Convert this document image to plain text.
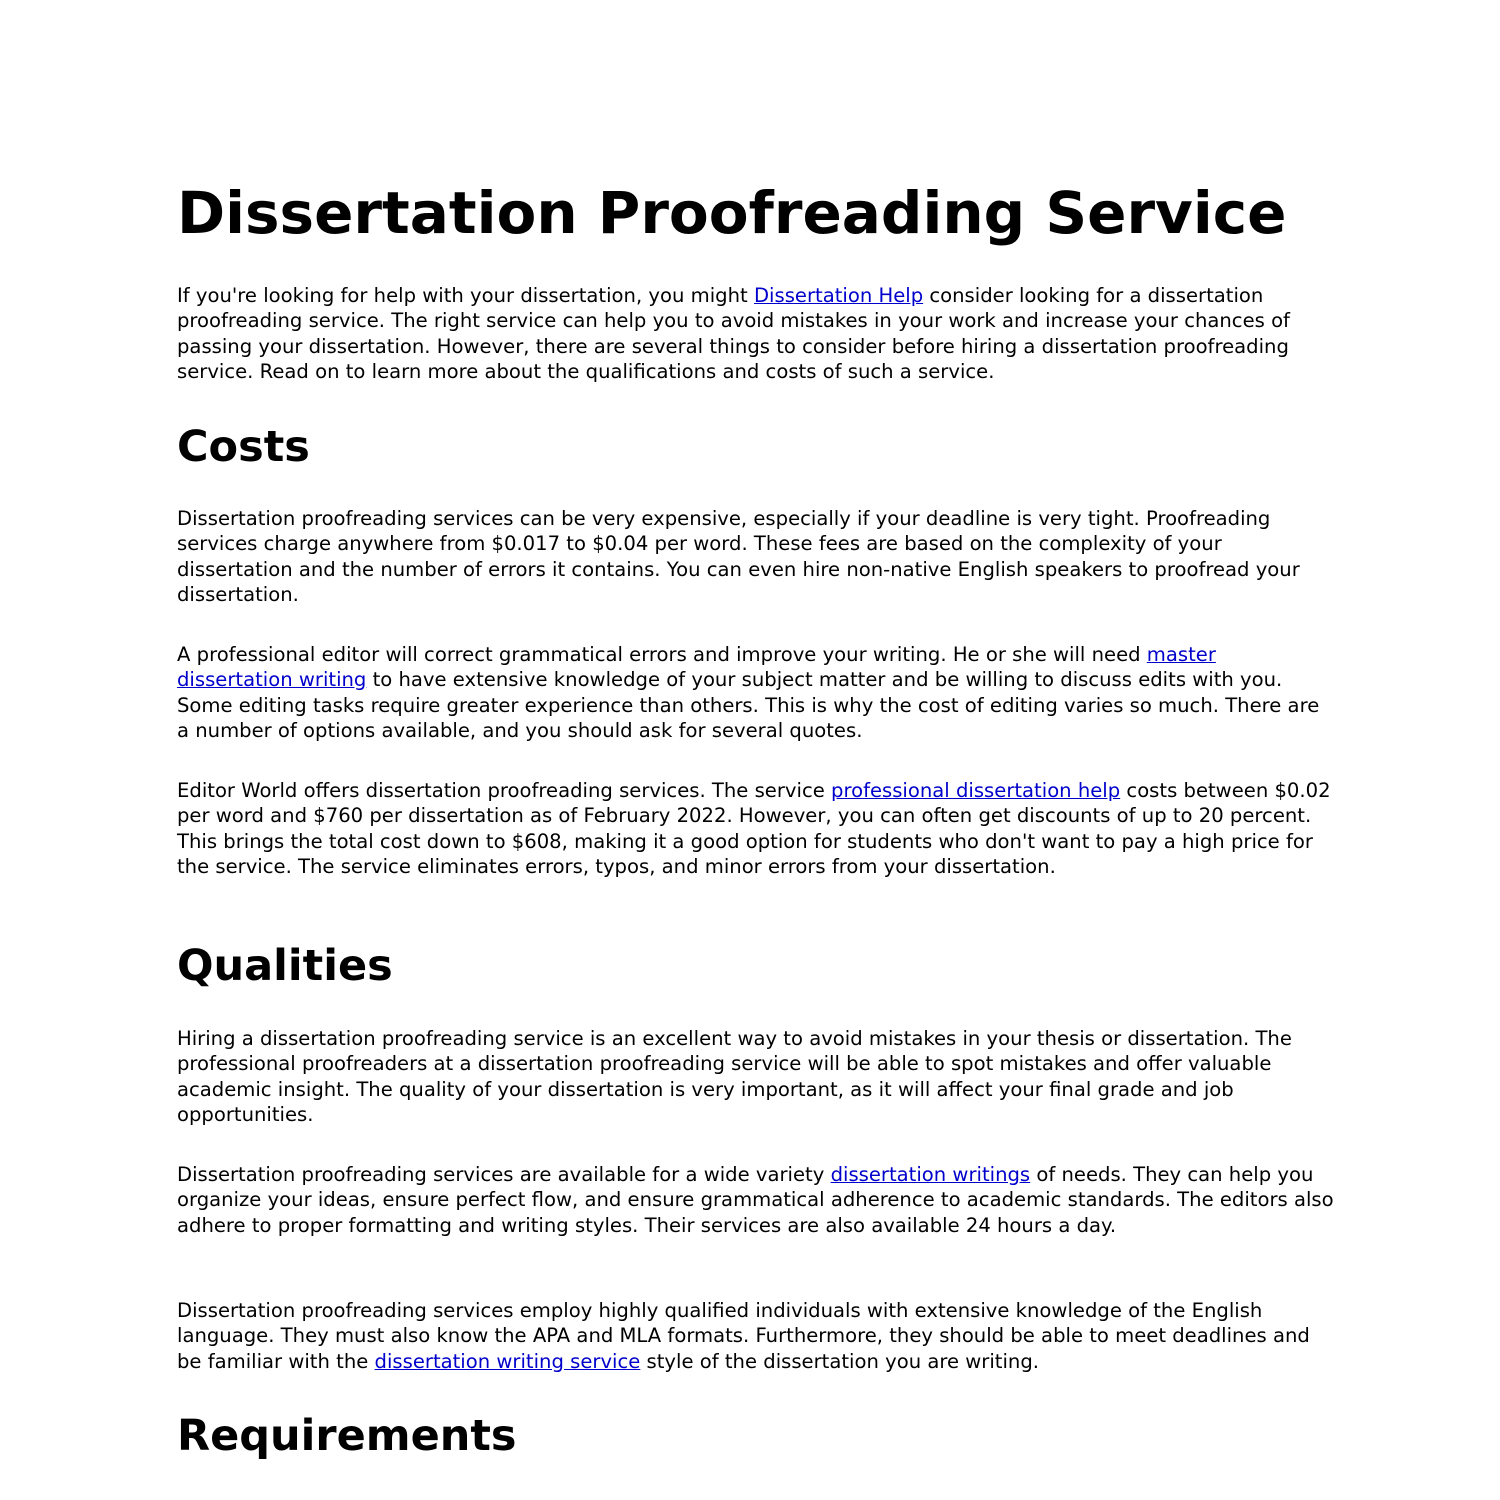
Dissertation Proofreading Service

If you're looking for help with your dissertation, you might Dissertation Help consider looking for a dissertation proofreading service. The right service can help you to avoid mistakes in your work and increase your chances of passing your dissertation. However, there are several things to consider before hiring a dissertation proofreading service. Read on to learn more about the qualifications and costs of such a service.

Costs

Dissertation proofreading services can be very expensive, especially if your deadline is very tight. Proofreading services charge anywhere from $0.017 to $0.04 per word. These fees are based on the complexity of your dissertation and the number of errors it contains. You can even hire non-native English speakers to proofread your dissertation.

A professional editor will correct grammatical errors and improve your writing. He or she will need master dissertation writing to have extensive knowledge of your subject matter and be willing to discuss edits with you. Some editing tasks require greater experience than others. This is why the cost of editing varies so much. There are a number of options available, and you should ask for several quotes.

Editor World offers dissertation proofreading services. The service professional dissertation help costs between $0.02 per word and $760 per dissertation as of February 2022. However, you can often get discounts of up to 20 percent. This brings the total cost down to $608, making it a good option for students who don't want to pay a high price for the service. The service eliminates errors, typos, and minor errors from your dissertation.

Qualities

Hiring a dissertation proofreading service is an excellent way to avoid mistakes in your thesis or dissertation. The professional proofreaders at a dissertation proofreading service will be able to spot mistakes and offer valuable academic insight. The quality of your dissertation is very important, as it will affect your final grade and job opportunities.

Dissertation proofreading services are available for a wide variety dissertation writings of needs. They can help you organize your ideas, ensure perfect flow, and ensure grammatical adherence to academic standards. The editors also adhere to proper formatting and writing styles. Their services are also available 24 hours a day.

Dissertation proofreading services employ highly qualified individuals with extensive knowledge of the English language. They must also know the APA and MLA formats. Furthermore, they should be able to meet deadlines and be familiar with the dissertation writing service style of the dissertation you are writing.

Requirements
